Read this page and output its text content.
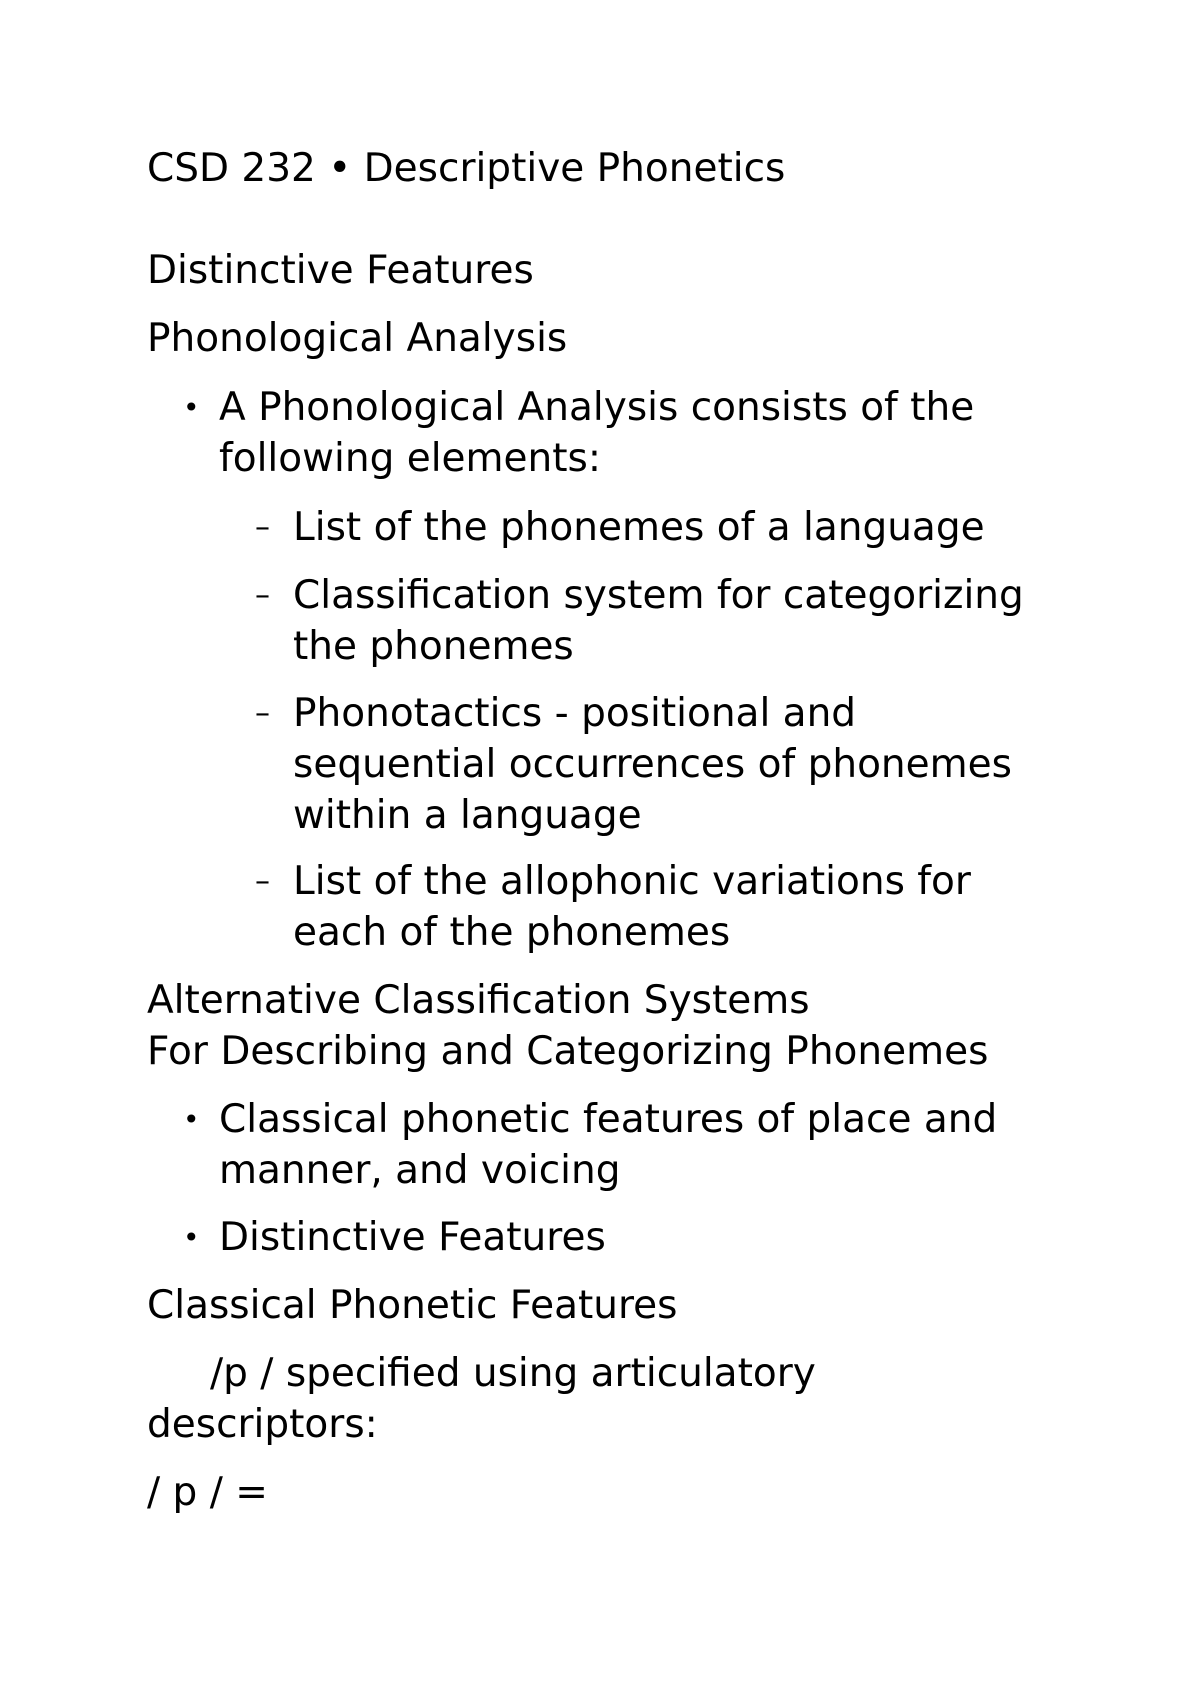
CSD 232 • Descriptive Phonetics
Distinctive Features
Phonological Analysis
• A Phonological Analysis consists of the
following elements:
– List of the phonemes of a language
– Classification system for categorizing
the phonemes
– Phonotactics - positional and
sequential occurrences of phonemes
within a language
– List of the allophonic variations for
each of the phonemes
Alternative Classification Systems
For Describing and Categorizing Phonemes
• Classical phonetic features of place and
manner, and voicing
• Distinctive Features
Classical Phonetic Features
/p / specified using articulatory
descriptors:
/ p / =
